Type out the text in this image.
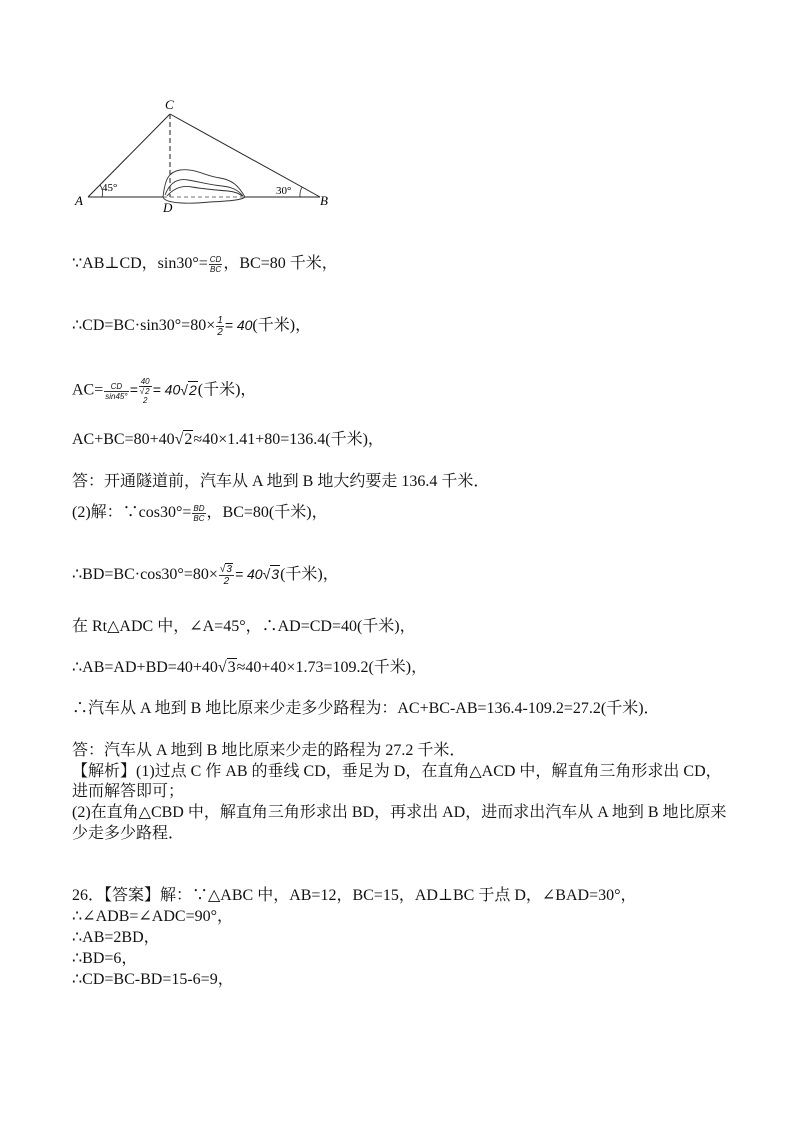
C
A	D	B
45°	30°
∵AB⊥CD，$\sin 30^\circ= \frac{CD}{BC}$ ，BC=80 千米，
∴CD=BC·sin30°=80× $\frac{1}{2} = 40$(千米)，
$AC= \frac{CD}{\sin 45^\circ}$ =
40
√2
2
= 40√2(千米)，
AC+BC=80+40√2≈40×1.41+80=136.4(千米)，
答：开通隧道前，汽车从 A 地到 B 地大约要走 136.4 千米．
(2)解：∵cos30°= $\frac{BD}{BC}$ ，BC=80(千米)，
∴BD=BC·cos30°=80× $\frac{√3}{2} = 40√3$(千米)，
在 Rt△ADC 中，∠A=45°，∴AD=CD=40(千米)，
∴AB=AD+BD=40+40√3≈40+40×1.73=109.2(千米)，
∴汽车从 A 地到 B 地比原来少走多少路程为：AC+BC-AB=136.4-109.2=27.2(千米)．
答：汽车从 A 地到 B 地比原来少走的路程为 27.2 千米．
【解析】(1)过点 C 作 AB 的垂线 CD，垂足为 D，在直角△ACD 中，解直角三角形求出 CD，
进而解答即可；
(2)在直角△CBD 中，解直角三角形求出 BD，再求出 AD，进而求出汽车从 A 地到 B 地比原来
少走多少路程．
26．【答案】解：∵△ABC 中，AB=12，BC=15，AD⊥BC 于点 D，∠BAD=30°，
∴∠ADB=∠ADC=90°，
∴AB=2BD，
∴BD=6，
∴CD=BC-BD=15-6=9，
